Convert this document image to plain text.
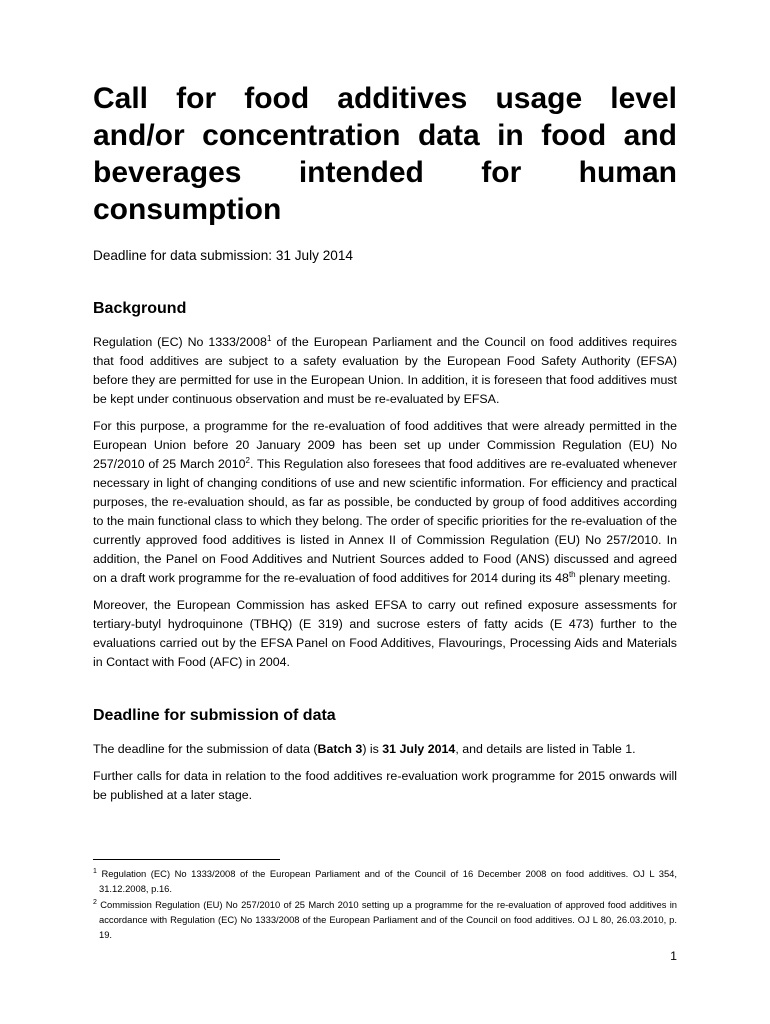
Call for food additives usage level and/or concentration data in food and beverages intended for human consumption

Deadline for data submission: 31 July 2014

Background

Regulation (EC) No 1333/2008$^1$ of the European Parliament and the Council on food additives requires that food additives are subject to a safety evaluation by the European Food Safety Authority (EFSA) before they are permitted for use in the European Union. In addition, it is foreseen that food additives must be kept under continuous observation and must be re-evaluated by EFSA.

For this purpose, a programme for the re-evaluation of food additives that were already permitted in the European Union before 20 January 2009 has been set up under Commission Regulation (EU) No 257/2010 of 25 March 2010$^2$. This Regulation also foresees that food additives are re-evaluated whenever necessary in light of changing conditions of use and new scientific information. For efficiency and practical purposes, the re-evaluation should, as far as possible, be conducted by group of food additives according to the main functional class to which they belong. The order of specific priorities for the re-evaluation of the currently approved food additives is listed in Annex II of Commission Regulation (EU) No 257/2010. In addition, the Panel on Food Additives and Nutrient Sources added to Food (ANS) discussed and agreed on a draft work programme for the re-evaluation of food additives for 2014 during its 48th plenary meeting.

Moreover, the European Commission has asked EFSA to carry out refined exposure assessments for tertiary-butyl hydroquinone (TBHQ) (E 319) and sucrose esters of fatty acids (E 473) further to the evaluations carried out by the EFSA Panel on Food Additives, Flavourings, Processing Aids and Materials in Contact with Food (AFC) in 2004.

Deadline for submission of data

The deadline for the submission of data (Batch 3) is 31 July 2014, and details are listed in Table 1.

Further calls for data in relation to the food additives re-evaluation work programme for 2015 onwards will be published at a later stage.

$^1$ Regulation (EC) No 1333/2008 of the European Parliament and of the Council of 16 December 2008 on food additives. OJ L 354, 31.12.2008, p.16.

$^2$ Commission Regulation (EU) No 257/2010 of 25 March 2010 setting up a programme for the re-evaluation of approved food additives in accordance with Regulation (EC) No 1333/2008 of the European Parliament and of the Council on food additives. OJ L 80, 26.03.2010, p. 19.

1
